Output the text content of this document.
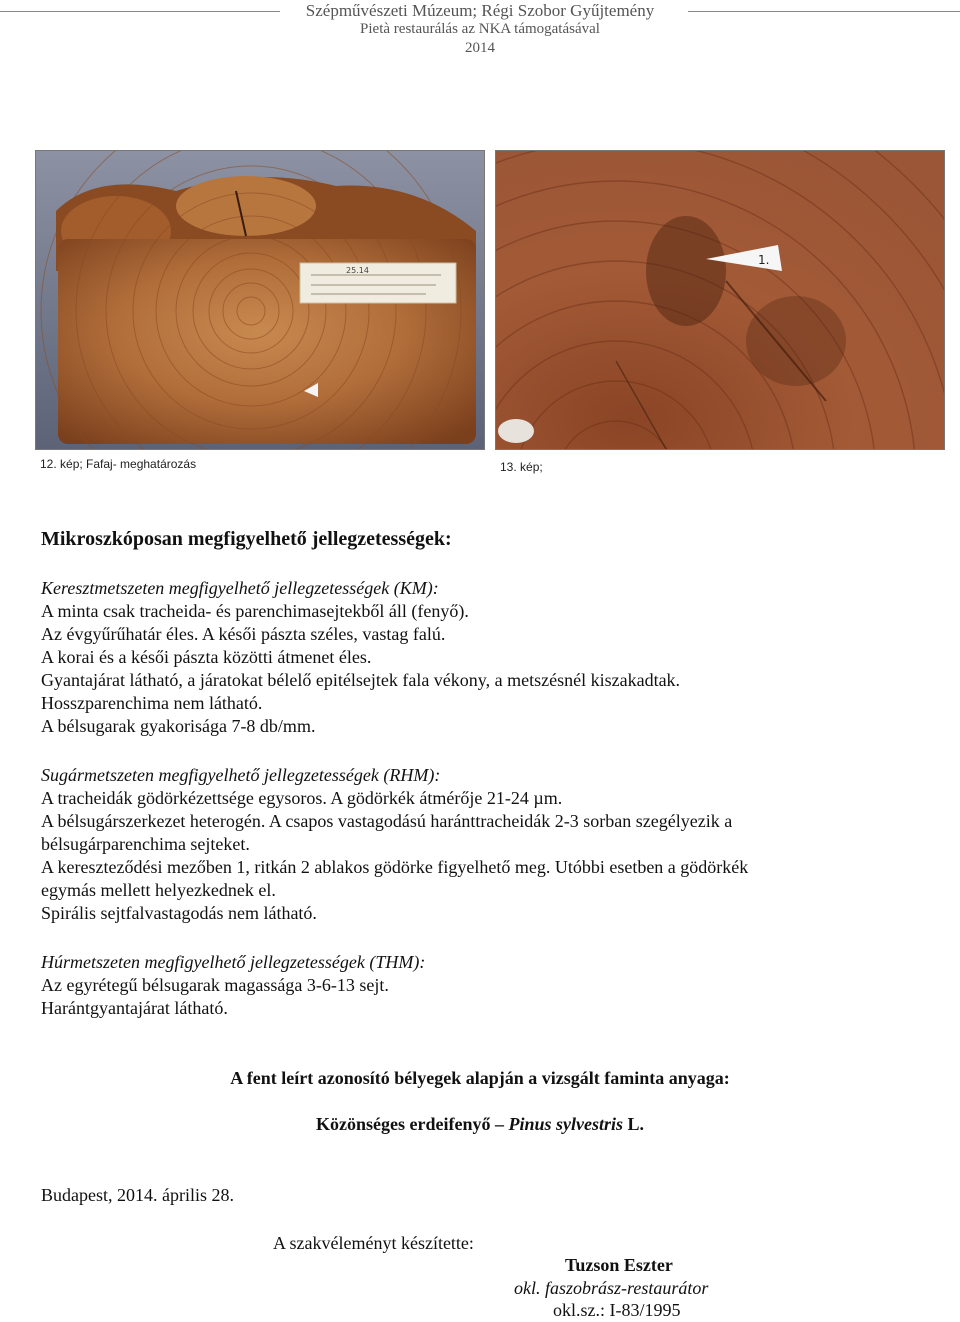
Szépművészeti Múzeum; Régi Szobor Gyűjtemény
Pietà restaurálás az NKA támogatásával
2014
25.14
12. kép; Fafaj- meghatározás
1.
13. kép;
Mikroszkóposan megfigyelhető jellegzetességek:

Keresztmetszeten megfigyelhető jellegzetességek (KM):

A minta csak tracheida- és parenchimasejtekből áll (fenyő).

Az évgyűrűhatár éles. A késői pászta széles, vastag falú.

A korai és a késői pászta közötti átmenet éles.

Gyantajárat látható, a járatokat bélelő epitélsejtek fala vékony, a metszésnél kiszakadtak.

Hosszparenchima nem látható.

A bélsugarak gyakorisága 7-8 db/mm.

Sugármetszeten megfigyelhető jellegzetességek (RHM):

A tracheidák gödörkézettsége egysoros. A gödörkék átmérője 21-24 µm.

A bélsugárszerkezet heterogén. A csapos vastagodású haránttracheidák 2-3 sorban szegélyezik a

bélsugárparenchima sejteket.

A kereszteződési mezőben 1, ritkán 2 ablakos gödörke figyelhető meg. Utóbbi esetben a gödörkék

egymás mellett helyezkednek el.

Spirális sejtfalvastagodás nem látható.

Húrmetszeten megfigyelhető jellegzetességek (THM):

Az egyrétegű bélsugarak magassága 3-6-13 sejt.

Harántgyantajárat látható.

A fent leírt azonosító bélyegek alapján a vizsgált faminta anyaga:
Közönséges erdeifenyő – Pinus sylvestris L.
Budapest, 2014. április 28.
A szakvéleményt készítette:
Tuzson Eszter
okl. faszobrász-restaurátor
okl.sz.: I-83/1995
